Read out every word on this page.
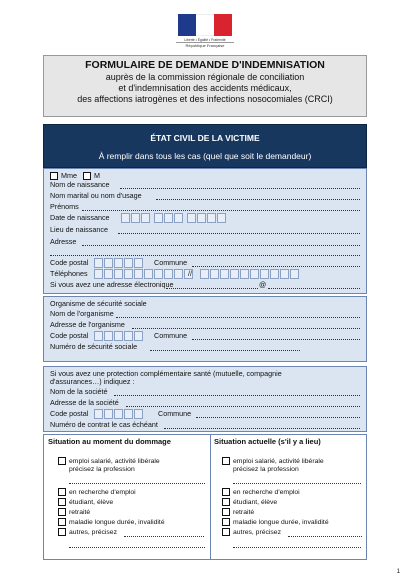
Liberté • Égalité • Fraternité
République Française
FORMULAIRE DE DEMANDE D'INDEMNISATION
auprès de la commission régionale de conciliation
et d'indemnisation des accidents médicaux,
des affections iatrogènes et des infections nosocomiales (CRCI)
ÉTAT CIVIL DE LA VICTIME
À remplir dans tous les cas (quel que soit le demandeur)
Mme M
Nom de naissance
Nom marital ou nom d'usage
Prénoms
Date de naissance
Lieu de naissance
Adresse
Code postal	Commune
Téléphones	//
Si vous avez une adresse électronique	@
Organisme de sécurité sociale
Nom de l'organisme
Adresse de l'organisme
Code postal	Commune
Numéro de sécurité sociale
Si vous avez une protection complémentaire santé (mutuelle, compagnie
d'assurances…) indiquez :
Nom de la société
Adresse de la société
Code postal	Commune
Numéro de contrat le cas échéant
Situation au moment du dommage
emploi salarié, activité libérale
précisez la profession
en recherche d'emploi
étudiant, élève
retraité
maladie longue durée, invalidité
autres, précisez
Situation actuelle (s'il y a lieu)
emploi salarié, activité libérale
précisez la profession
en recherche d'emploi
étudiant, élève
retraité
maladie longue durée, invalidité
autres, précisez
1
